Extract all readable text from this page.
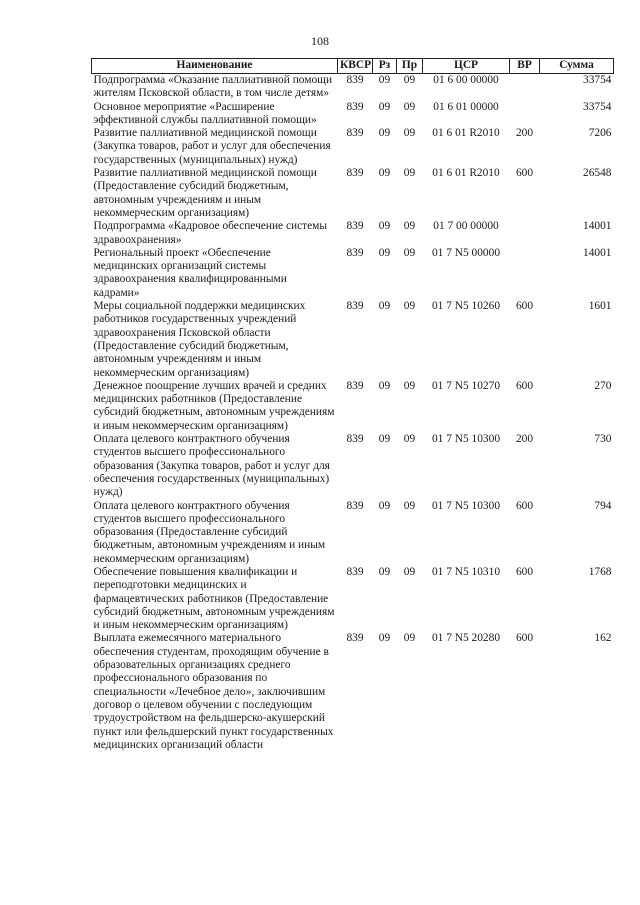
108
Наименование	КВСР	Рз	Пр	ЦСР	ВР	Сумма
Подпрограмма «Оказание паллиативной помощи жителям Псковской области, в том числе детям»	839	09	09	01 6 00 00000		33754
Основное мероприятие «Расширение эффективной службы паллиативной помощи»	839	09	09	01 6 01 00000		33754
Развитие паллиативной медицинской помощи (Закупка товаров, работ и услуг для обеспечения государственных (муниципальных) нужд)	839	09	09	01 6 01 R2010	200	7206
Развитие паллиативной медицинской помощи (Предоставление субсидий бюджетным, автономным учреждениям и иным некоммерческим организациям)	839	09	09	01 6 01 R2010	600	26548
Подпрограмма «Кадровое обеспечение системы здравоохранения»	839	09	09	01 7 00 00000		14001
Региональный проект «Обеспечение медицинских организаций системы здравоохранения квалифицированными кадрами»	839	09	09	01 7 N5 00000		14001
Меры социальной поддержки медицинских работников государственных учреждений здравоохранения Псковской области (Предоставление субсидий бюджетным, автономным учреждениям и иным некоммерческим организациям)	839	09	09	01 7 N5 10260	600	1601
Денежное поощрение лучших врачей и средних медицинских работников (Предоставление субсидий бюджетным, автономным учреждениям и иным некоммерческим организациям)	839	09	09	01 7 N5 10270	600	270
Оплата целевого контрактного обучения студентов высшего профессионального образования (Закупка товаров, работ и услуг для обеспечения государственных (муниципальных) нужд)	839	09	09	01 7 N5 10300	200	730
Оплата целевого контрактного обучения студентов высшего профессионального образования (Предоставление субсидий бюджетным, автономным учреждениям и иным некоммерческим организациям)	839	09	09	01 7 N5 10300	600	794
Обеспечение повышения квалификации и переподготовки медицинских и фармацевтических работников (Предоставление субсидий бюджетным, автономным учреждениям и иным некоммерческим организациям)	839	09	09	01 7 N5 10310	600	1768
Выплата ежемесячного материального обеспечения студентам, проходящим обучение в образовательных организациях среднего профессионального образования по специальности «Лечебное дело», заключившим договор о целевом обучении с последующим трудоустройством на фельдшерско-акушерский пункт или фельдшерский пункт государственных медицинских организаций области	839	09	09	01 7 N5 20280	600	162
